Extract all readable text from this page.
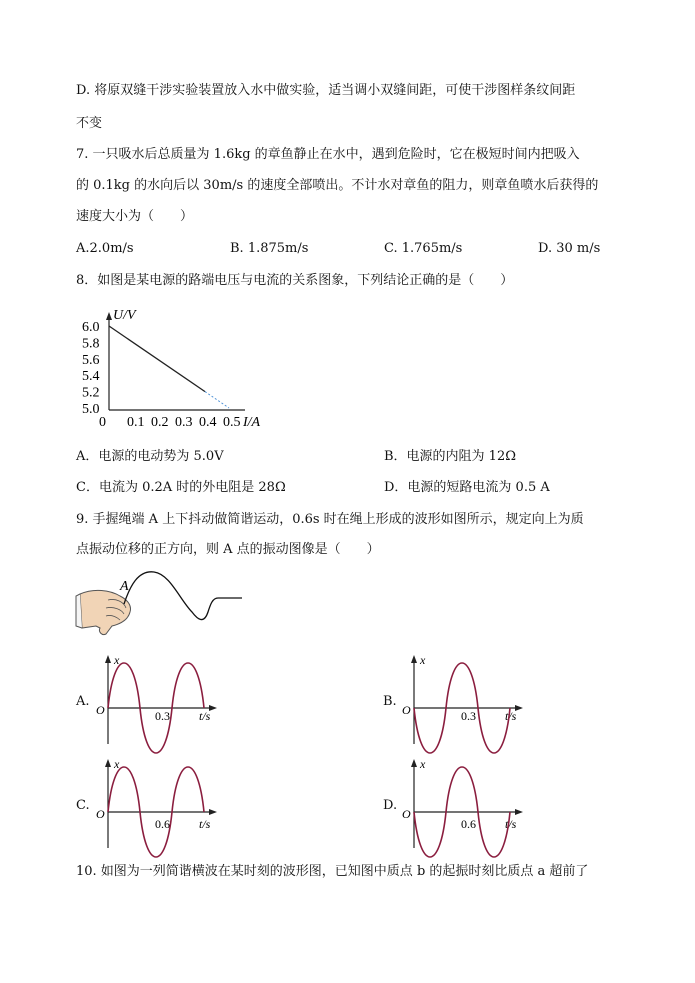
D. 将原双缝干涉实验装置放入水中做实验，适当调小双缝间距，可使干涉图样条纹间距
不变
7. 一只吸水后总质量为 1.6kg 的章鱼静止在水中，遇到危险时，它在极短时间内把吸入
的 0.1kg 的水向后以 30m/s 的速度全部喷出。不计水对章鱼的阻力，则章鱼喷水后获得的
速度大小为（　　）
A.2.0m/s	B. 1.875m/s	C. 1.765m/s	D. 30 m/s
8．如图是某电源的路端电压与电流的关系图象，下列结论正确的是（　　）
U/V
I/A
5.0
5.2
5.4
5.6
5.8
6.0
0 0.1 0.2 0.3 0.4 0.5
A．电源的电动势为 5.0V	B．电源的内阻为 12Ω
C．电流为 0.2A 时的外电阻是 28Ω	D．电源的短路电流为 0.5 A
9. 手握绳端 A 上下抖动做简谐运动，0.6s 时在绳上形成的波形如图所示，规定向上为质
点振动位移的正方向，则 A 点的振动图像是（　　）
A
A.
x
O	0.3 t/s
B.
x
O	0.3 t/s
C.
x
O
0.6 t/s
D.
x
O
0.6 t/s
10. 如图为一列简谐横波在某时刻的波形图，已知图中质点 b 的起振时刻比质点 a 超前了
